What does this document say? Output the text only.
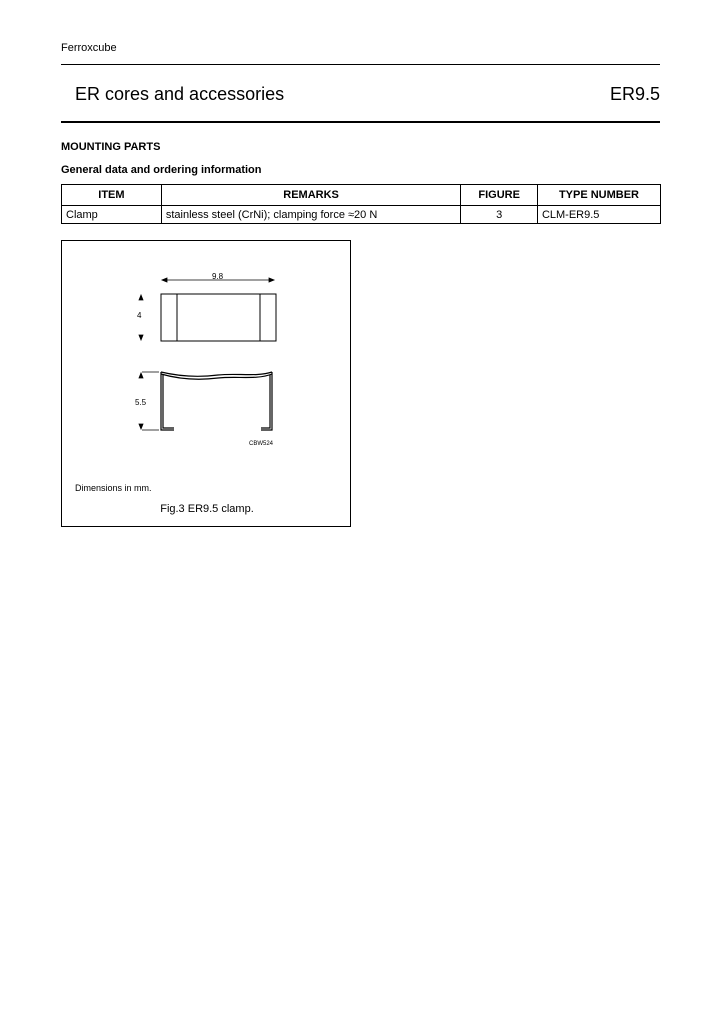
Ferroxcube
ER cores and accessories	ER9.5
MOUNTING PARTS
General data and ordering information
ITEM	REMARKS	FIGURE	TYPE NUMBER
Clamp	stainless steel (CrNi); clamping force ≈20 N	3	CLM-ER9.5
9.8
4
5.5
CBW524
Dimensions in mm.
Fig.3 ER9.5 clamp.
